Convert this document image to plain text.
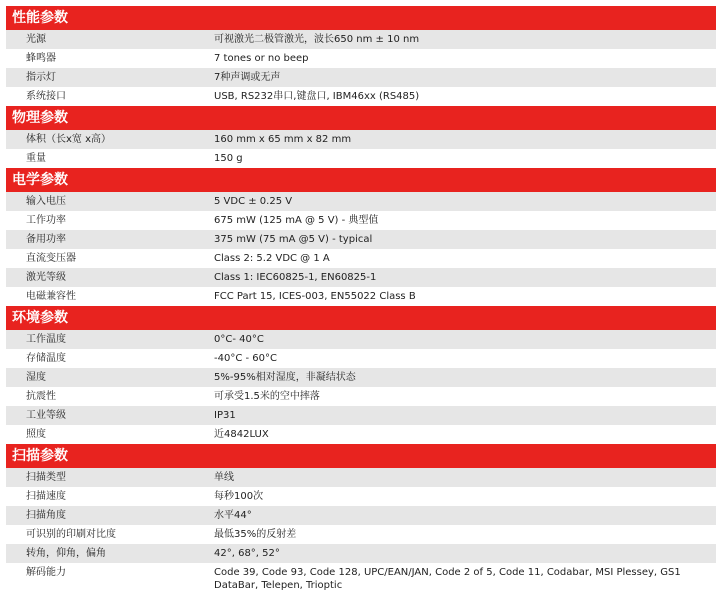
性能参数
光源	可视激光二极管激光，波长650 nm ± 10 nm
蜂鸣器	7 tones or no beep
指示灯	7种声调或无声
系统接口	USB, RS232串口,键盘口, IBM46xx (RS485)
物理参数
体积（长x宽 x高）	160 mm x 65 mm x 82 mm
重量	150 g
电学参数
输入电压	5 VDC ± 0.25 V
工作功率	675 mW (125 mA @ 5 V) - 典型值
备用功率	375 mW (75 mA @5 V) - typical
直流变压器	Class 2: 5.2 VDC @ 1 A
激光等级	Class 1: IEC60825-1, EN60825-1
电磁兼容性	FCC Part 15, ICES-003, EN55022 Class B
环境参数
工作温度	0°C- 40°C
存储温度	-40°C - 60°C
湿度	5%-95%相对湿度，非凝结状态
抗震性	可承受1.5米的空中摔落
工业等级	IP31
照度	近4842LUX
扫描参数
扫描类型	单线
扫描速度	每秒100次
扫描角度	水平44°
可识别的印刷对比度	最低35%的反射差
转角，仰角，偏角	42°, 68°, 52°
解码能力	Code 39, Code 93, Code 128, UPC/EAN/JAN, Code 2 of 5, Code 11, Codabar, MSI Plessey, GS1 DataBar, Telepen, Trioptic
